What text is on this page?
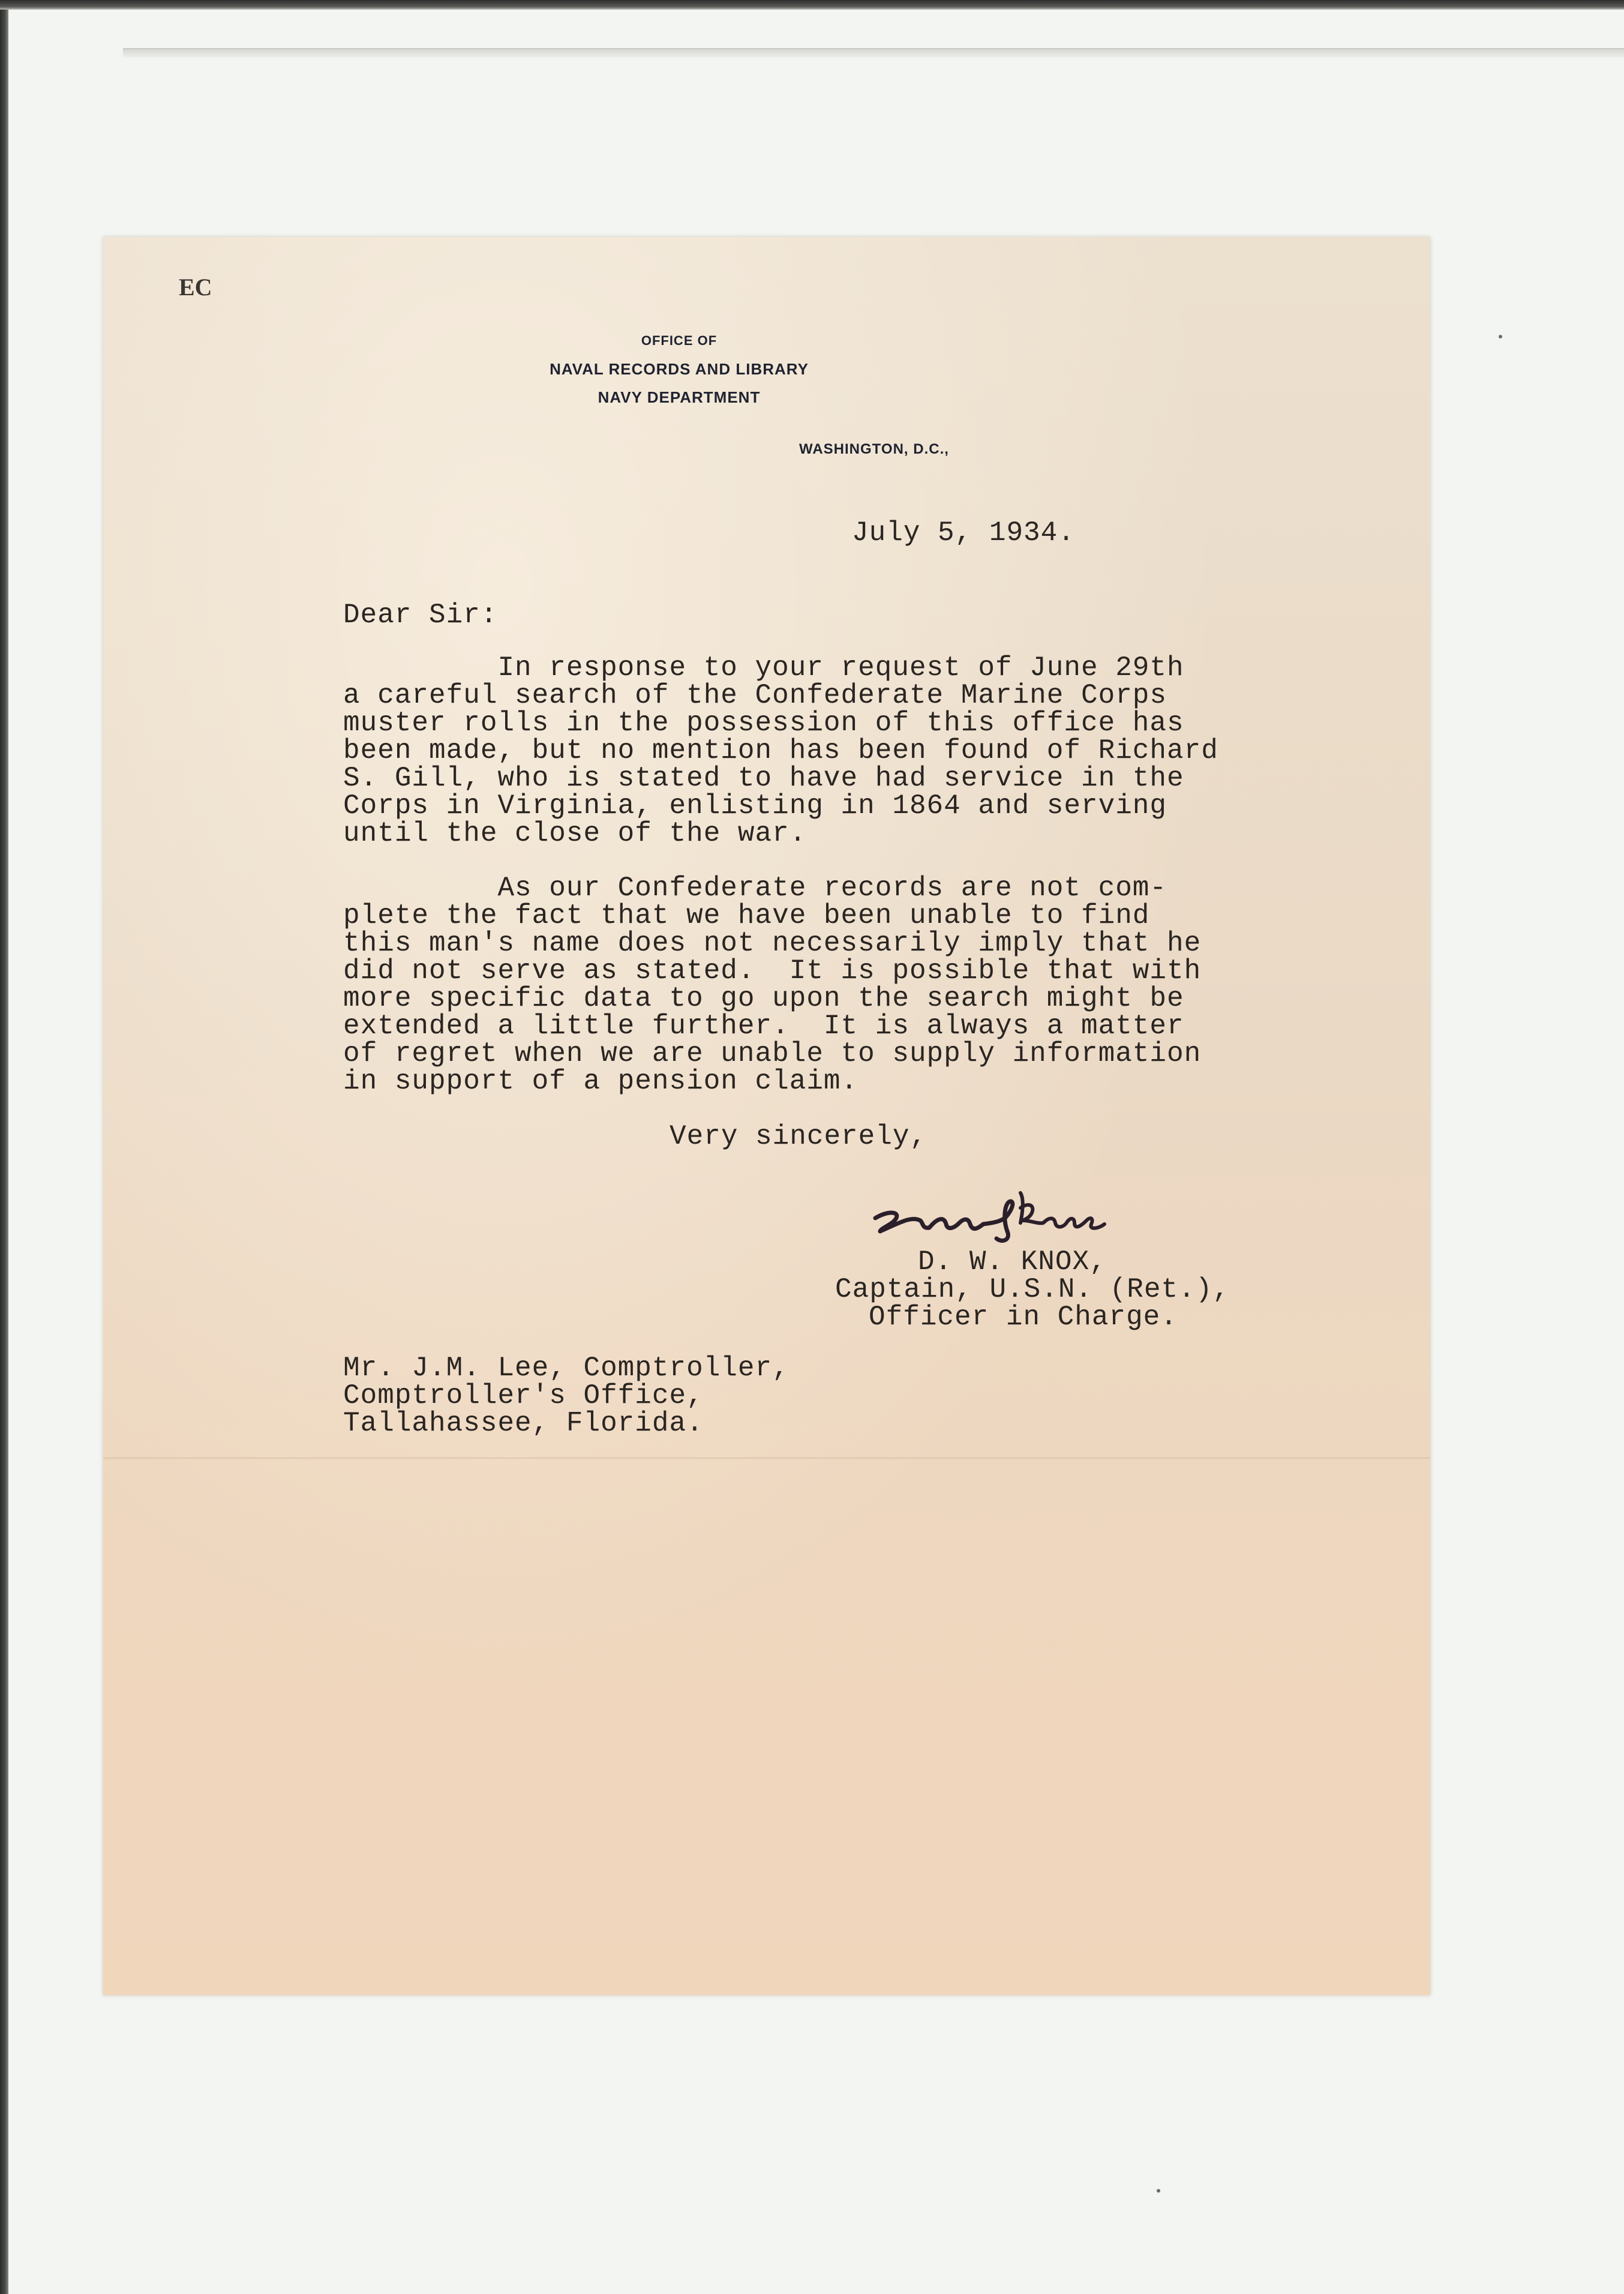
EC
OFFICE OF
NAVAL RECORDS AND LIBRARY
NAVY DEPARTMENT
WASHINGTON, D.C.,
July 5, 1934.
Dear Sir:
In response to your request of June 29th
a careful search of the Confederate Marine Corps
muster rolls in the possession of this office has
been made, but no mention has been found of Richard
S. Gill, who is stated to have had service in the
Corps in Virginia, enlisting in 1864 and serving
until the close of the war.
As our Confederate records are not com-
plete the fact that we have been unable to find
this man's name does not necessarily imply that he
did not serve as stated.  It is possible that with
more specific data to go upon the search might be
extended a little further.  It is always a matter
of regret when we are unable to supply information
in support of a pension claim.
Very sincerely,
D. W. KNOX,
Captain, U.S.N. (Ret.),
Officer in Charge.
Mr. J.M. Lee, Comptroller,
Comptroller's Office,
Tallahassee, Florida.
